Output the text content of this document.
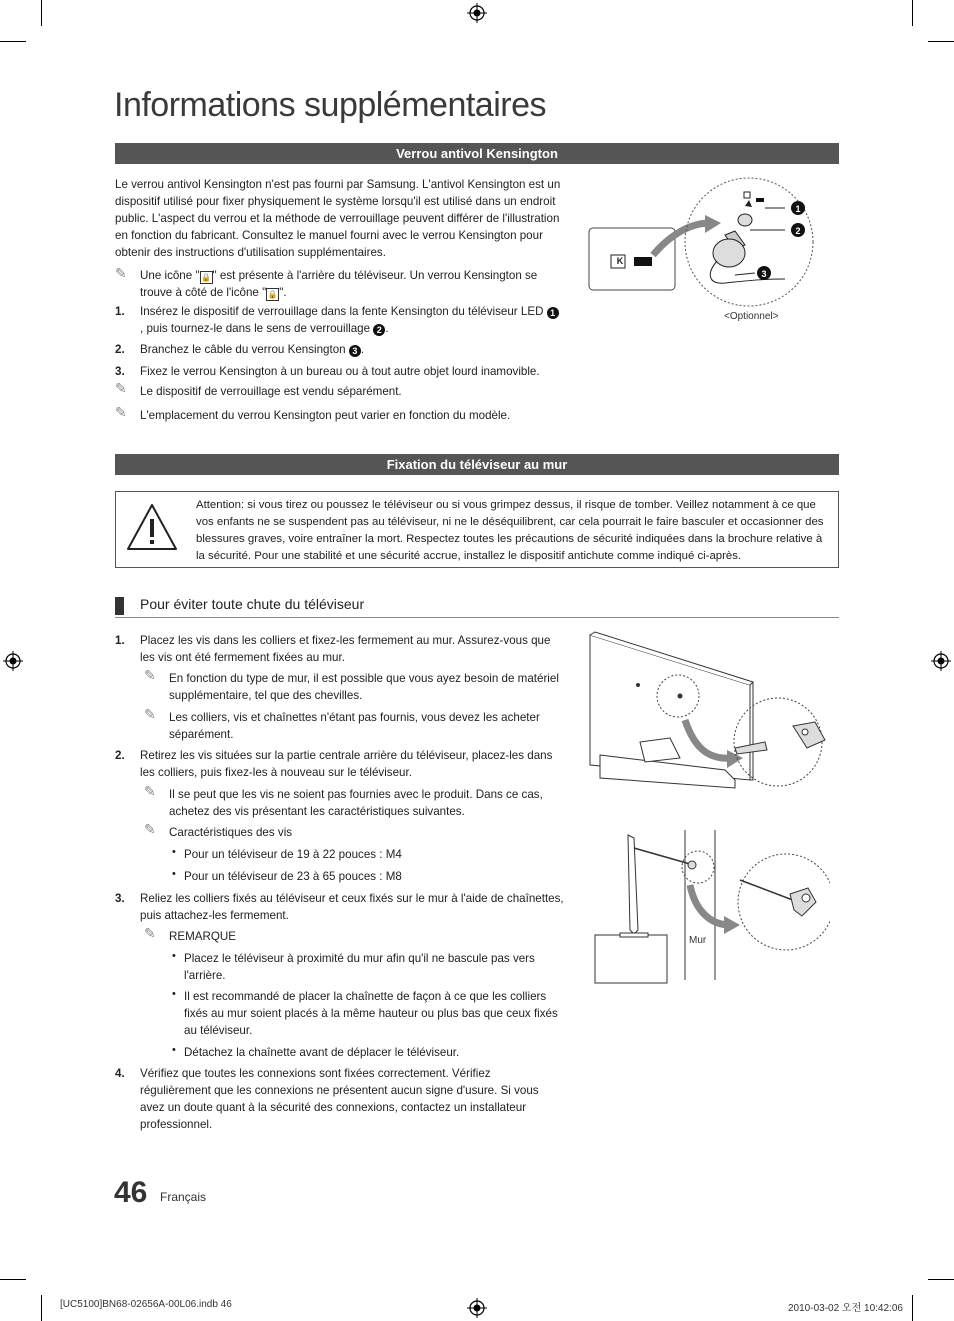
Informations supplémentaires
Verrou antivol Kensington
Le verrou antivol Kensington n'est pas fourni par Samsung. L'antivol Kensington est un dispositif utilisé pour fixer physiquement le système lorsqu'il est utilisé dans un endroit public. L'aspect du verrou et la méthode de verrouillage peuvent différer de l'illustration en fonction du fabricant. Consultez le manuel fourni avec le verrou Kensington pour obtenir des instructions d'utilisation supplémentaires.
✎ Une icône " 🔒 " est présente à l'arrière du téléviseur. Un verrou Kensington se trouve à côté de l'icône " 🔒 ".
1. Insérez le dispositif de verrouillage dans la fente Kensington du téléviseur LED 1, puis tournez-le dans le sens de verrouillage 2 .
2. Branchez le câble du verrou Kensington 3 .
3. Fixez le verrou Kensington à un bureau ou à tout autre objet lourd inamovible.
✎ Le dispositif de verrouillage est vendu séparément.
✎ L'emplacement du verrou Kensington peut varier en fonction du modèle.
1
2
3
K
<Optionnel>
Fixation du téléviseur au mur
Attention: si vous tirez ou poussez le téléviseur ou si vous grimpez dessus, il risque de tomber. Veillez notamment à ce que vos enfants ne se suspendent pas au téléviseur, ni ne le déséquilibrent, car cela pourrait le faire basculer et occasionner des blessures graves, voire entraîner la mort. Respectez toutes les précautions de sécurité indiquées dans la brochure relative à la sécurité. Pour une stabilité et une sécurité accrue, installez le dispositif antichute comme indiqué ci-après.
Pour éviter toute chute du téléviseur
1. Placez les vis dans les colliers et fixez-les fermement au mur. Assurez-vous que les vis ont été fermement fixées au mur.
✎ En fonction du type de mur, il est possible que vous ayez besoin de matériel supplémentaire, tel que des chevilles.
✎ Les colliers, vis et chaînettes n'étant pas fournis, vous devez les acheter séparément.
2. Retirez les vis situées sur la partie centrale arrière du téléviseur, placez-les dans les colliers, puis fixez-les à nouveau sur le téléviseur.
✎ Il se peut que les vis ne soient pas fournies avec le produit. Dans ce cas, achetez des vis présentant les caractéristiques suivantes.
✎ Caractéristiques des vis
• Pour un téléviseur de 19 à 22 pouces : M4
• Pour un téléviseur de 23 à 65 pouces : M8
3. Reliez les colliers fixés au téléviseur et ceux fixés sur le mur à l'aide de chaînettes, puis attachez-les fermement.
✎ REMARQUE
• Placez le téléviseur à proximité du mur afin qu'il ne bascule pas vers l'arrière.
• Il est recommandé de placer la chaînette de façon à ce que les colliers fixés au mur soient placés à la même hauteur ou plus bas que ceux fixés au téléviseur.
• Détachez la chaînette avant de déplacer le téléviseur.
4. Vérifiez que toutes les connexions sont fixées correctement. Vérifiez régulièrement que les connexions ne présentent aucun signe d'usure. Si vous avez un doute quant à la sécurité des connexions, contactez un installateur professionnel.
Mur
46 Français
[UC5100]BN68-02656A-00L06.indb 46	2010-03-02 오전 10:42:06
